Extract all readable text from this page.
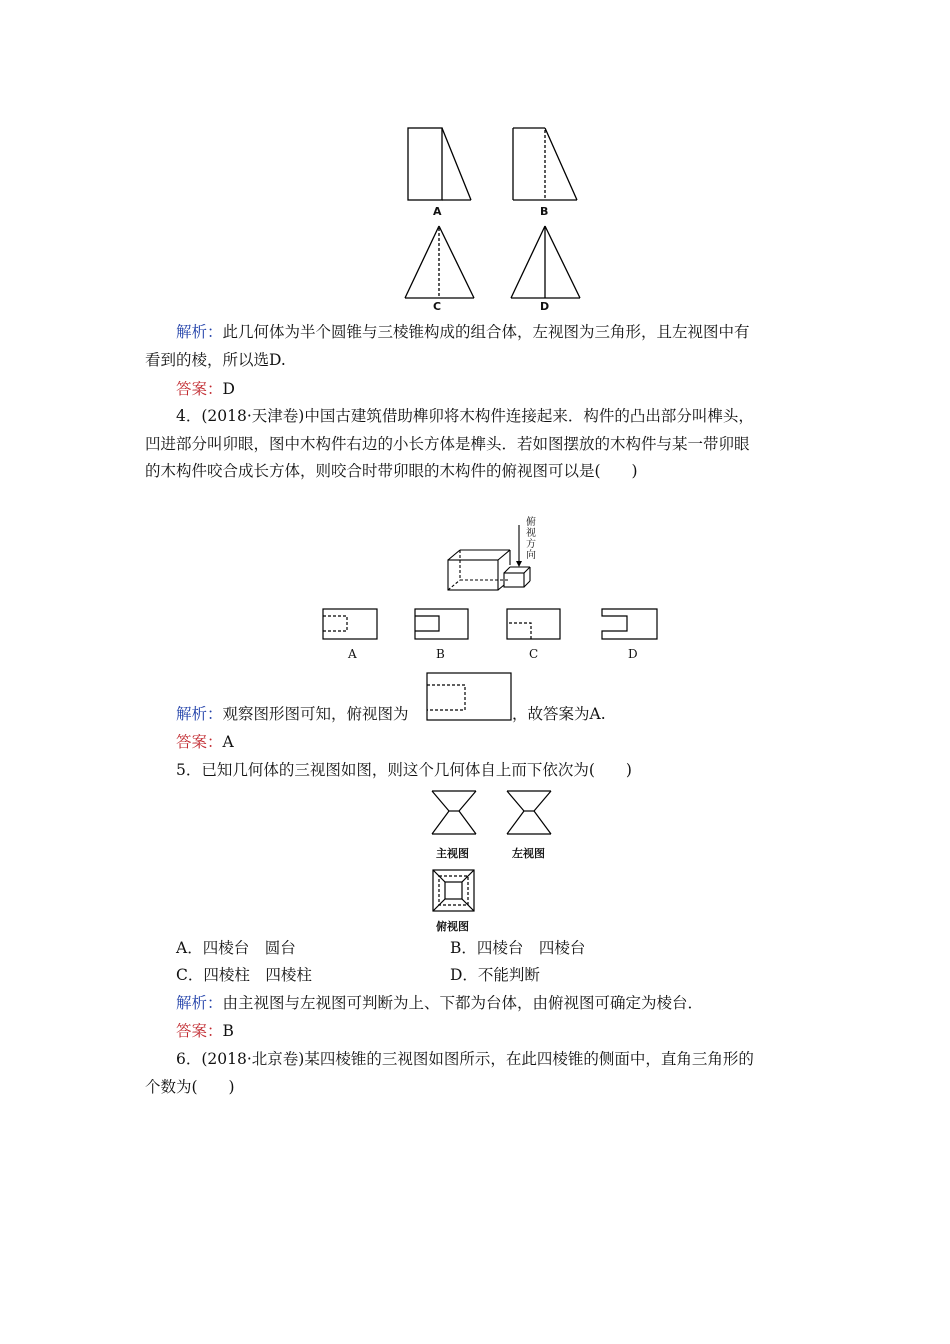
A	B
C	D
解析：此几何体为半个圆锥与三棱锥构成的组合体，左视图为三角形，且左视图中有
看到的棱，所以选D.
答案：D
4．(2018·天津卷)中国古建筑借助榫卯将木构件连接起来．构件的凸出部分叫榫头，
凹进部分叫卯眼，图中木构件右边的小长方体是榫头．若如图摆放的木构件与某一带卯眼
的木构件咬合成长方体，则咬合时带卯眼的木构件的俯视图可以是(　　)
俯
视
方
向
A	B	C	D
解析：观察图形图可知，俯视图为	，故答案为A.
答案：A
5．已知几何体的三视图如图，则这个几何体自上而下依次为(　　)
主视图	左视图
俯视图
A．四棱台　圆台	B．四棱台　四棱台
C．四棱柱　四棱柱	D．不能判断
解析：由主视图与左视图可判断为上、下都为台体，由俯视图可确定为棱台．
答案：B
6．(2018·北京卷)某四棱锥的三视图如图所示，在此四棱锥的侧面中，直角三角形的
个数为(　　)
